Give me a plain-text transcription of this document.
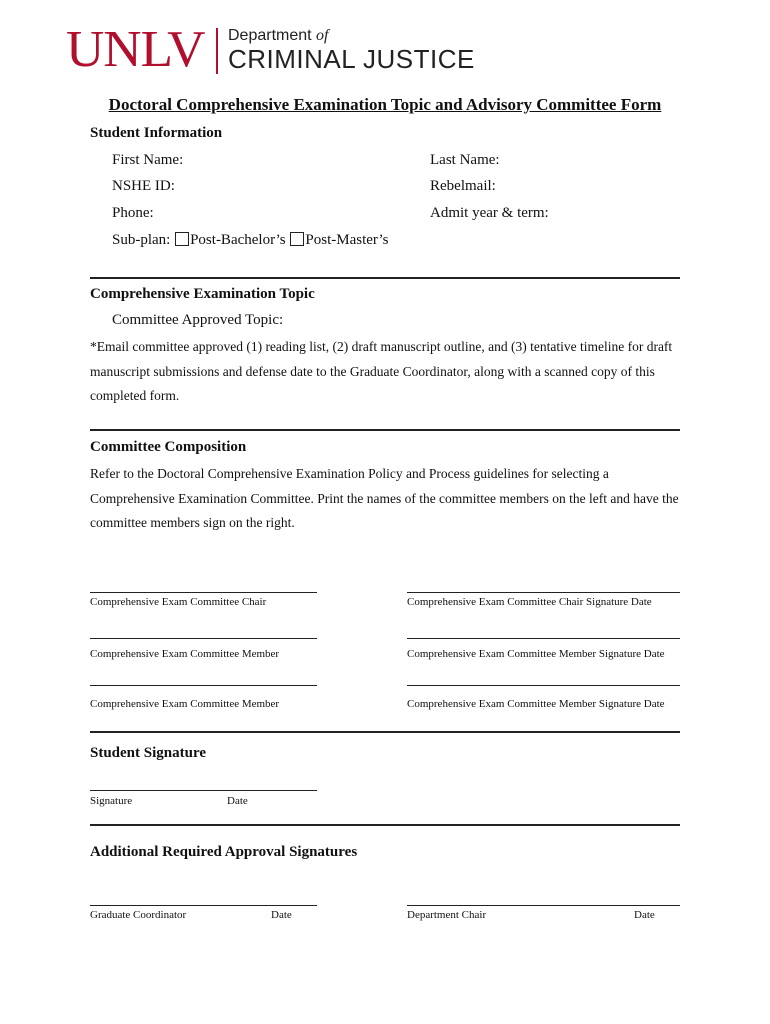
UNLV Department of
CRIMINAL JUSTICE
Doctoral Comprehensive Examination Topic and Advisory Committee Form
Student Information
First Name:	Last Name:
NSHE ID:	Rebelmail:
Phone:	Admit year & term:
Sub-plan: Post-Bachelor’s Post-Master’s
Comprehensive Examination Topic
Committee Approved Topic:
*Email committee approved (1) reading list, (2) draft manuscript outline, and (3) tentative timeline for draft manuscript submissions and defense date to the Graduate Coordinator, along with a scanned copy of this completed form.
Committee Composition
Refer to the Doctoral Comprehensive Examination Policy and Process guidelines for selecting a Comprehensive Examination Committee. Print the names of the committee members on the left and have the committee members sign on the right.
Comprehensive Exam Committee Chair	Comprehensive Exam Committee Chair Signature Date
Comprehensive Exam Committee Member	Comprehensive Exam Committee Member Signature Date
Comprehensive Exam Committee Member	Comprehensive Exam Committee Member Signature Date
Student Signature
Signature	Date
Additional Required Approval Signatures
Graduate Coordinator	Date	Department Chair	Date
